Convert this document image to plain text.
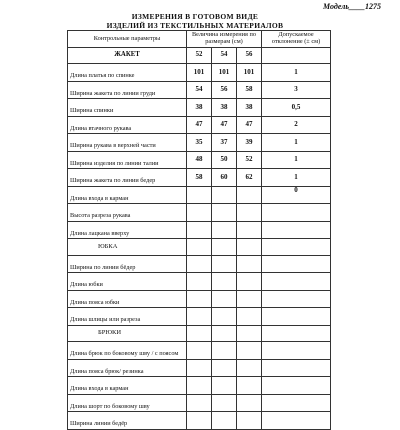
Модель____1275
ИЗМЕРЕНИЯ В ГОТОВОМ ВИДЕ
ИЗДЕЛИЙ ИЗ ТЕКСТИЛЬНЫХ МАТЕРИАЛОВ
Контрольные параметры	Величина измерения по размерам (см)			Допускаемое отклонение (± см)
ЖАКЕТ	52	54	56	
Длина платья по спинке	101	101	101	1
Ширина жакета по линии груди	54	56	58	3
Ширина спинки	38	38	38	0,5
Длина втачного рукава	47	47	47	2
Ширина рукава в верхней части	35	37	39	1
Ширина изделия по линии талии	48	50	52	1
Ширина жакета по линии бедер	58	60	62	1
Длина входа в карман				0
Высота разреза рукава				
Длина лацкана вверху				
ЮБКА				
Ширина по линии бёдер				
Длина юбки				
Длина пояса юбки				
Длина шлицы или разреза				
БРЮКИ				
Длина брюк по боковому шву / с поясом				
Длина пояса брюк/ резинка				
Длина входа в карман				
Длина шорт по боковому шву				
Ширина линии бедёр				
